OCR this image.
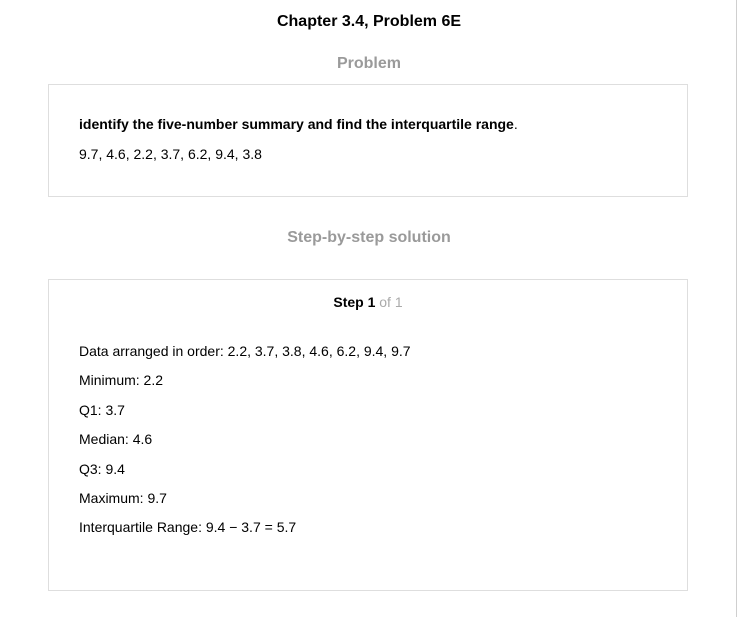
Chapter 3.4, Problem 6E
Problem
identify the five-number summary and find the interquartile range.
9.7, 4.6, 2.2, 3.7, 6.2, 9.4, 3.8
Step-by-step solution
Step 1 of 1
Data arranged in order: 2.2, 3.7, 3.8, 4.6, 6.2, 9.4, 9.7
Minimum: 2.2
Q1: 3.7
Median: 4.6
Q3: 9.4
Maximum: 9.7
Interquartile Range: 9.4 − 3.7 = 5.7
